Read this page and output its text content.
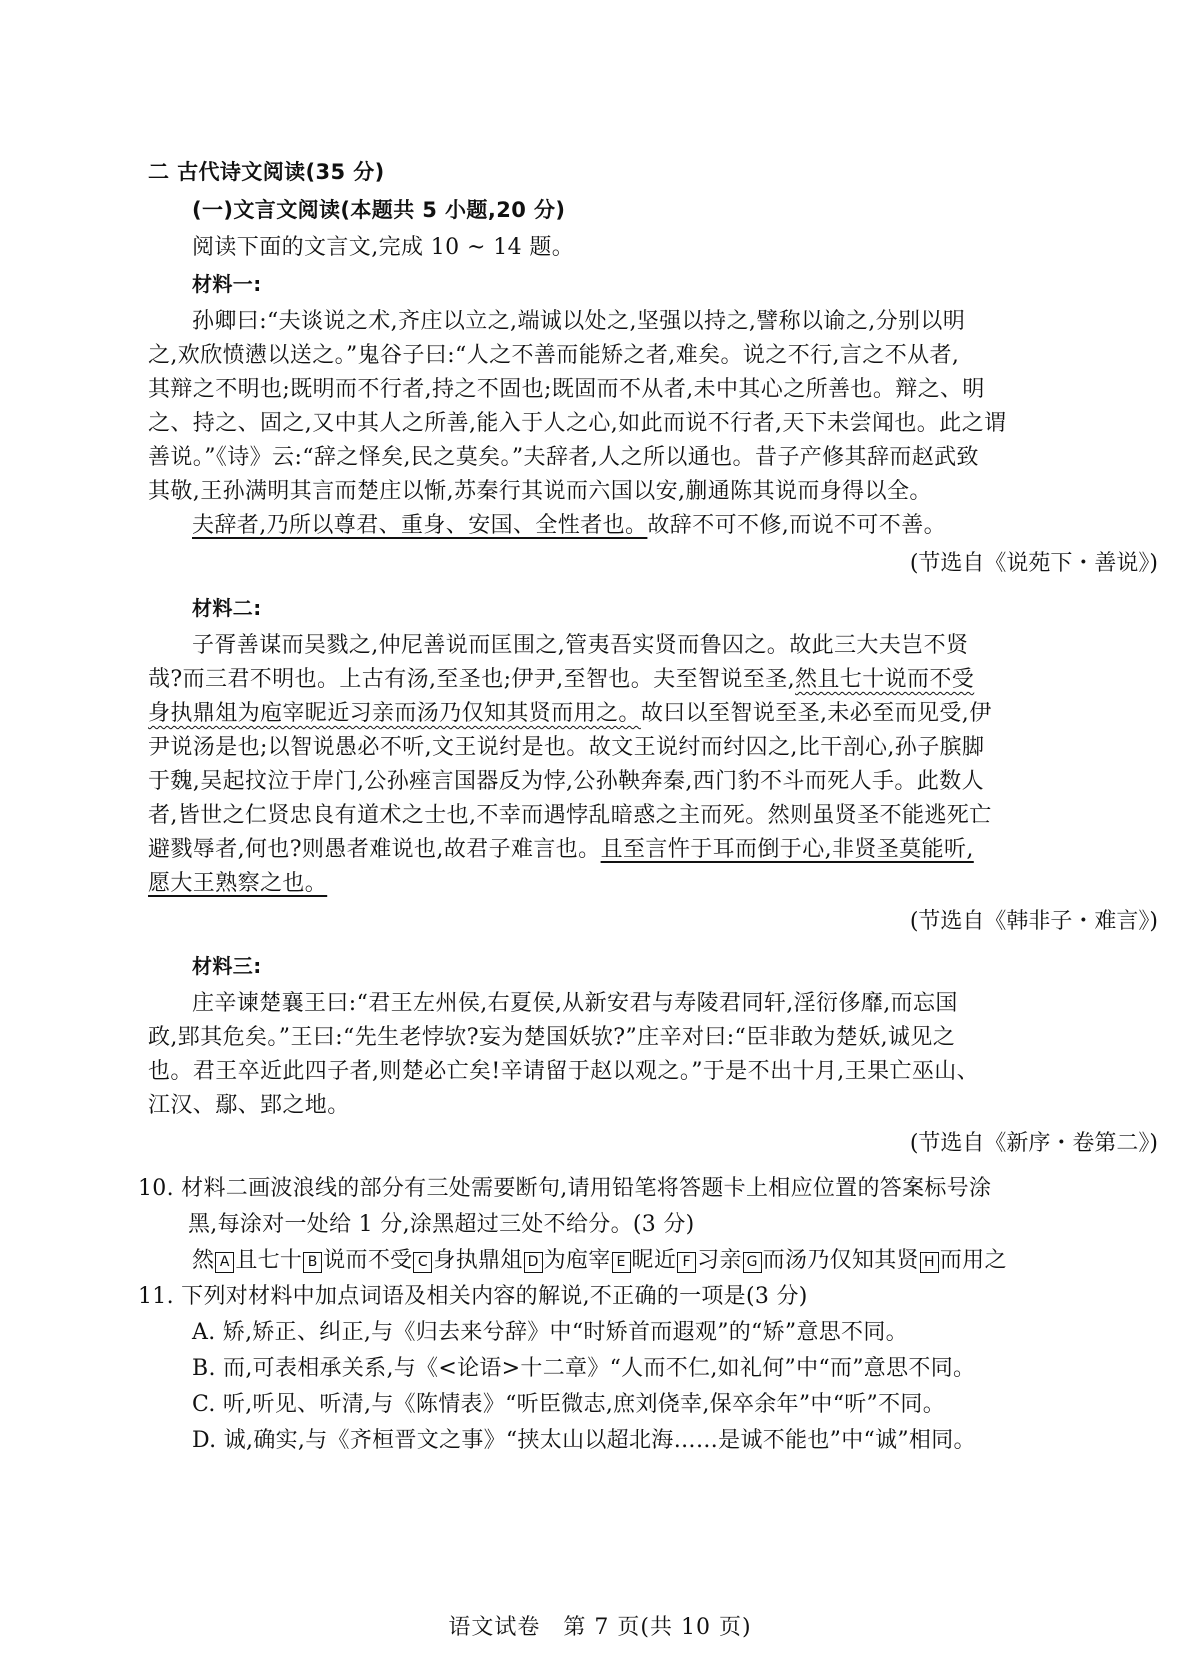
二 古代诗文阅读(35 分)
(一)文言文阅读(本题共 5 小题,20 分)
阅读下面的文言文,完成 10 ~ 14 题。
材料一:
孙卿曰:“夫谈说之术,齐庄以立之,端诚以处之,坚强以持之,譬称以谕之,分别以明
之,欢欣愤懑以送之。”鬼谷子曰:“人之不善而能矫之者,难矣。说之不行,言之不从者,
其辩之不明也;既明而不行者,持之不固也;既固而不从者,未中其心之所善也。辩之、明
之、持之、固之,又中其人之所善,能入于人之心,如此而说不行者,天下未尝闻也。此之谓
善说。”《诗》云:“辞之怿矣,民之莫矣。”夫辞者,人之所以通也。昔子产修其辞而赵武致
其敬,王孙满明其言而楚庄以惭,苏秦行其说而六国以安,蒯通陈其说而身得以全。
夫辞者,乃所以尊君、重身、安国、全性者也。故辞不可不修,而说不可不善。
(节选自《说苑下・善说》)
材料二:
子胥善谋而吴戮之,仲尼善说而匡围之,管夷吾实贤而鲁囚之。故此三大夫岂不贤
哉?而三君不明也。上古有汤,至圣也;伊尹,至智也。夫至智说至圣,然且七十说而不受
身执鼎俎为庖宰昵近习亲而汤乃仅知其贤而用之。故曰以至智说至圣,未必至而见受,伊
尹说汤是也;以智说愚必不听,文王说纣是也。故文王说纣而纣囚之,比干剖心,孙子膑脚
于魏,吴起抆泣于岸门,公孙痤言国器反为悖,公孙鞅奔秦,西门豹不斗而死人手。此数人
者,皆世之仁贤忠良有道术之士也,不幸而遇悖乱暗惑之主而死。然则虽贤圣不能逃死亡
避戮辱者,何也?则愚者难说也,故君子难言也。且至言忤于耳而倒于心,非贤圣莫能听,
愿大王熟察之也。
(节选自《韩非子・难言》)
材料三:
庄辛谏楚襄王曰:“君王左州侯,右夏侯,从新安君与寿陵君同轩,淫衍侈靡,而忘国
政,郢其危矣。”王曰:“先生老悖欤?妄为楚国妖欤?”庄辛对曰:“臣非敢为楚妖,诚见之
也。君王卒近此四子者,则楚必亡矣!辛请留于赵以观之。”于是不出十月,王果亡巫山、
江汉、鄢、郢之地。
(节选自《新序・卷第二》)
10. 材料二画波浪线的部分有三处需要断句,请用铅笔将答题卡上相应位置的答案标号涂
黑,每涂对一处给 1 分,涂黑超过三处不给分。(3 分)
然 A 且七十 B 说而不受 C 身执鼎俎 D 为庖宰 E 昵近 F 习亲 G 而汤乃仅知其贤 H 而用之
11. 下列对材料中加点词语及相关内容的解说,不正确的一项是(3 分)
A. 矫,矫正、纠正,与《归去来兮辞》中“时矫首而遐观”的“矫”意思不同。
B. 而,可表相承关系,与《<论语>十二章》“人而不仁,如礼何”中“而”意思不同。
C. 听,听见、听清,与《陈情表》“听臣微志,庶刘侥幸,保卒余年”中“听”不同。
D. 诚,确实,与《齐桓晋文之事》“挟太山以超北海……是诚不能也”中“诚”相同。
语文试卷　第 7 页(共 10 页)
